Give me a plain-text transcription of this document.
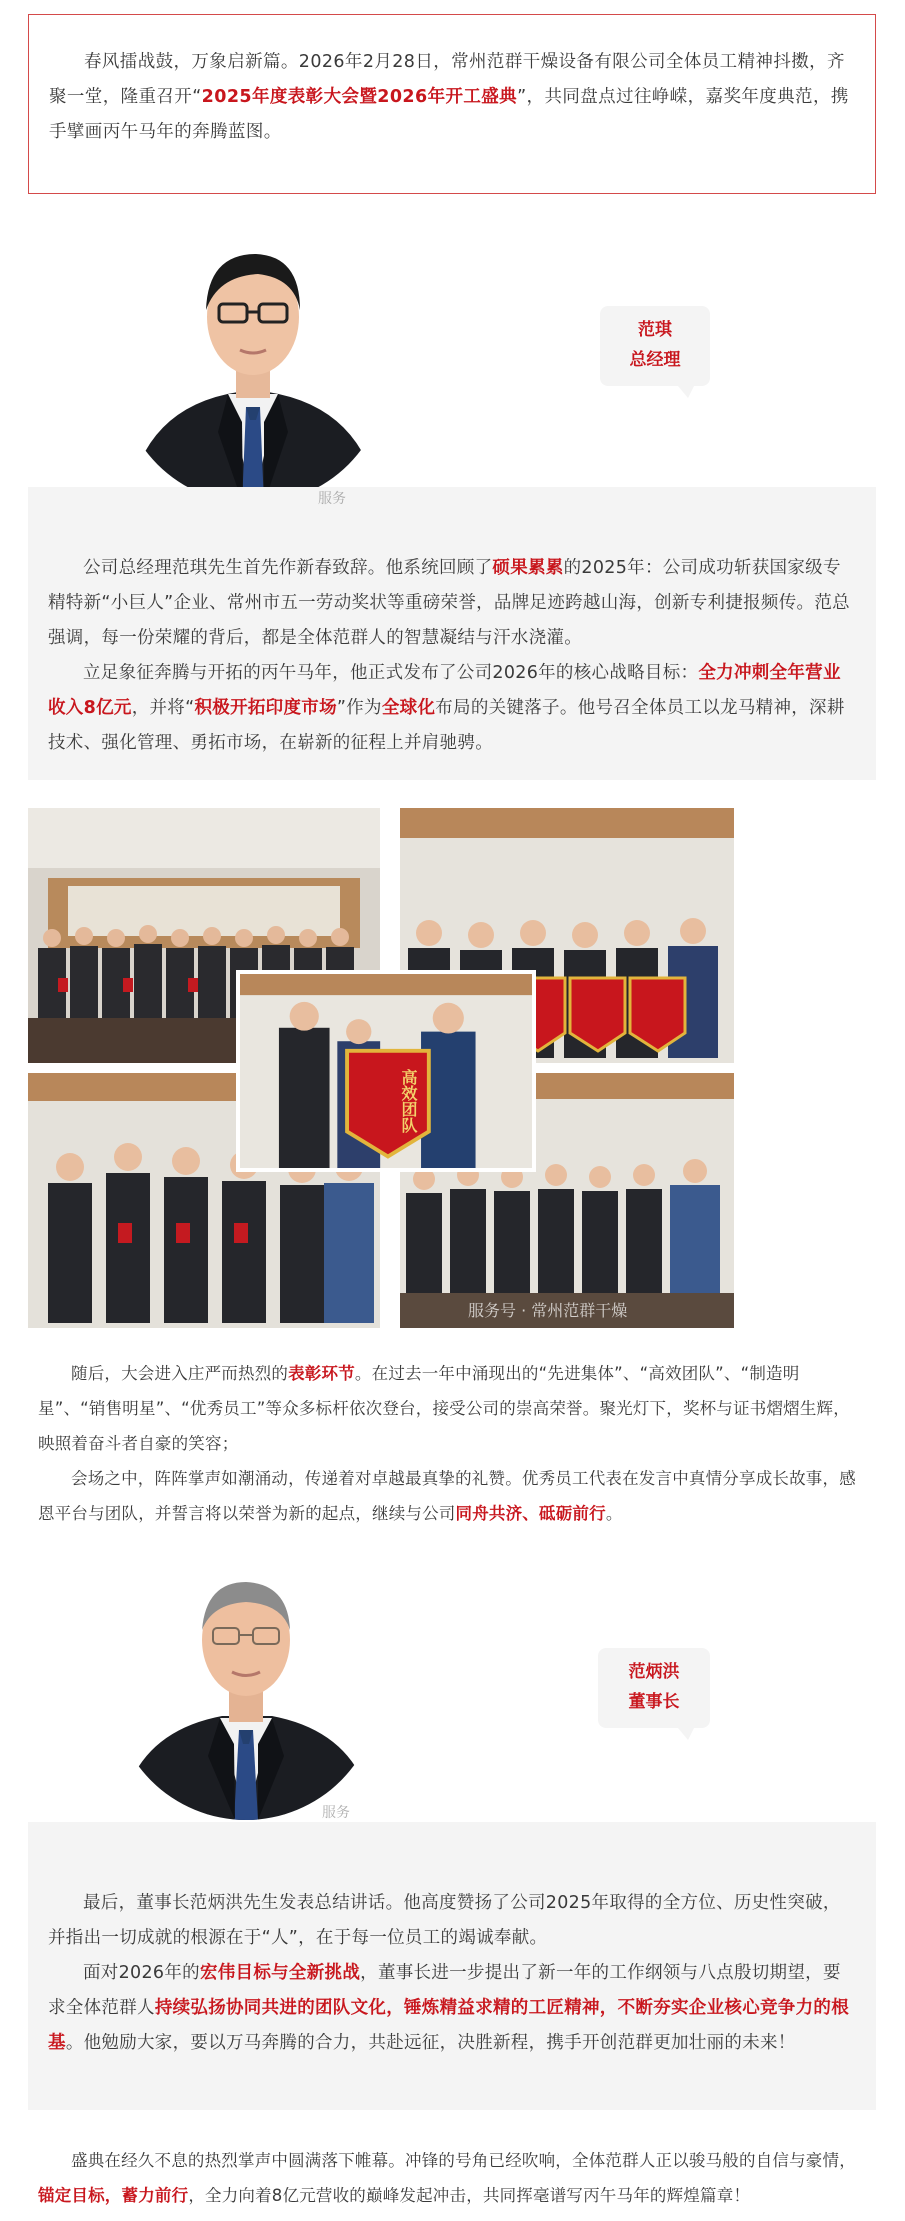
春风擂战鼓，万象启新篇。2026年2月28日，常州范群干燥设备有限公司全体员工精神抖擞，齐聚一堂，隆重召开“2025年度表彰大会暨2026年开工盛典”，共同盘点过往峥嵘，嘉奖年度典范，携手擘画丙午马年的奔腾蓝图。

范琪
总经理

公司总经理范琪先生首先作新春致辞。他系统回顾了硕果累累的2025年：公司成功斩获国家级专精特新“小巨人”企业、常州市五一劳动奖状等重磅荣誉，品牌足迹跨越山海，创新专利捷报频传。范总强调，每一份荣耀的背后，都是全体范群人的智慧凝结与汗水浇灌。

立足象征奔腾与开拓的丙午马年，他正式发布了公司2026年的核心战略目标：全力冲刺全年营业收入8亿元，并将“积极开拓印度市场”作为全球化布局的关键落子。他号召全体员工以龙马精神，深耕技术、强化管理、勇拓市场，在崭新的征程上并肩驰骋。

服务
高效团队
服务号 · 常州范群干燥

随后，大会进入庄严而热烈的表彰环节。在过去一年中涌现出的“先进集体”、“高效团队”、“制造明星”、“销售明星”、“优秀员工”等众多标杆依次登台，接受公司的崇高荣誉。聚光灯下，奖杯与证书熠熠生辉，映照着奋斗者自豪的笑容；

会场之中，阵阵掌声如潮涌动，传递着对卓越最真挚的礼赞。优秀员工代表在发言中真情分享成长故事，感恩平台与团队，并誓言将以荣誉为新的起点，继续与公司同舟共济、砥砺前行。

范炳洪
董事长

最后，董事长范炳洪先生发表总结讲话。他高度赞扬了公司2025年取得的全方位、历史性突破，并指出一切成就的根源在于“人”，在于每一位员工的竭诚奉献。

面对2026年的宏伟目标与全新挑战，董事长进一步提出了新一年的工作纲领与八点殷切期望，要求全体范群人持续弘扬协同共进的团队文化，锤炼精益求精的工匠精神，不断夯实企业核心竞争力的根基。他勉励大家，要以万马奔腾的合力，共赴远征，决胜新程，携手开创范群更加壮丽的未来！

服务

盛典在经久不息的热烈掌声中圆满落下帷幕。冲锋的号角已经吹响，全体范群人正以骏马般的自信与豪情，锚定目标，蓄力前行，全力向着8亿元营收的巅峰发起冲击，共同挥毫谱写丙午马年的辉煌篇章！
